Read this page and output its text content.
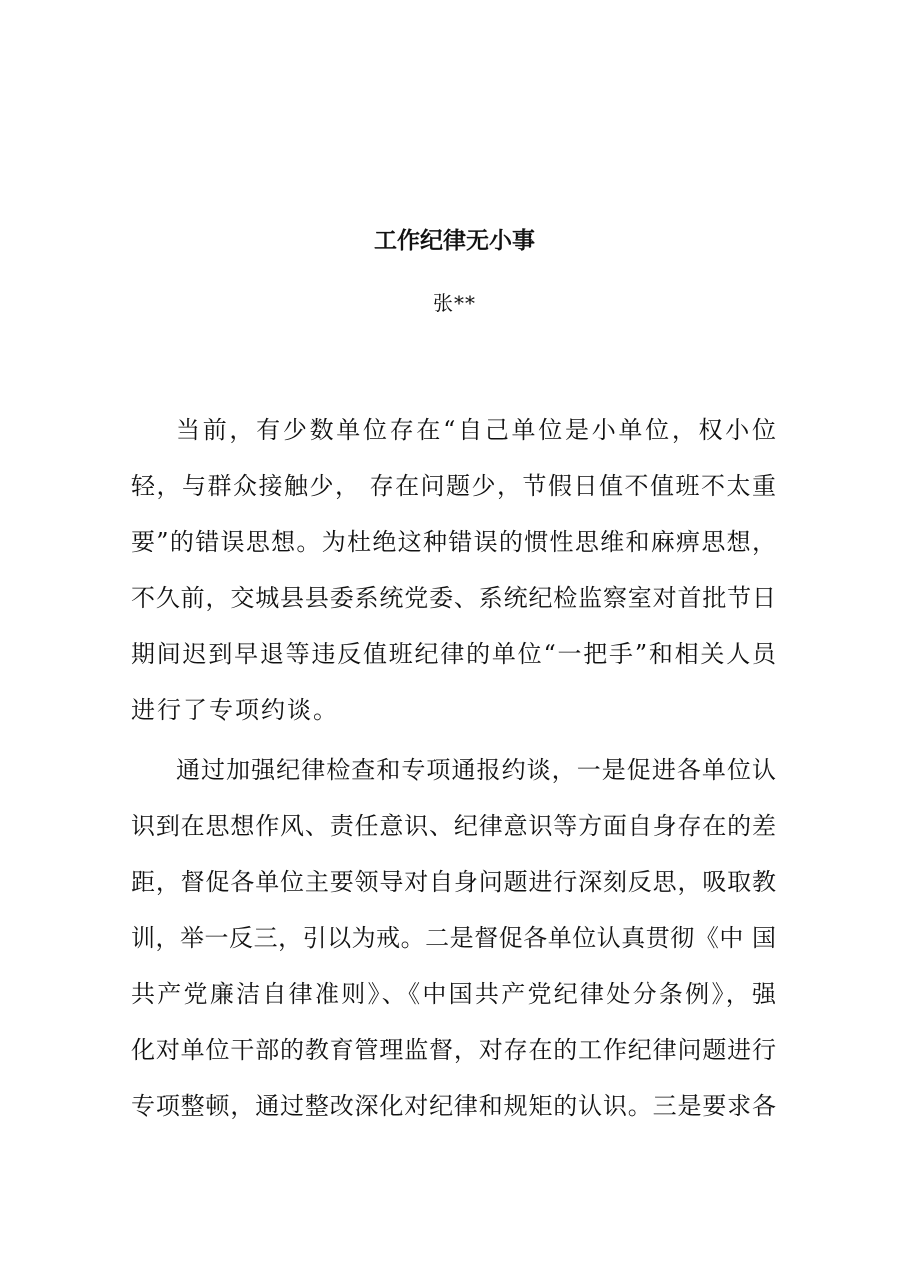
工作纪律无小事
张**
当前，有少数单位存在“自己单位是小单位，权小位
轻，与群众接触少， 存在问题少，节假日值不值班不太重
要”的错误思想。为杜绝这种错误的惯性思维和麻痹思想，
不久前，交城县县委系统党委、系统纪检监察室对首批节日
期间迟到早退等违反值班纪律的单位“一把手”和相关人员
进行了专项约谈。
通过加强纪律检查和专项通报约谈，一是促进各单位认
识到在思想作风、责任意识、纪律意识等方面自身存在的差
距，督促各单位主要领导对自身问题进行深刻反思，吸取教
训，举一反三，引以为戒。二是督促各单位认真贯彻《中 国
共产党廉洁自律准则》、《中国共产党纪律处分条例》，强
化对单位干部的教育管理监督，对存在的工作纪律问题进行
专项整顿，通过整改深化对纪律和规矩的认识。三是要求各
